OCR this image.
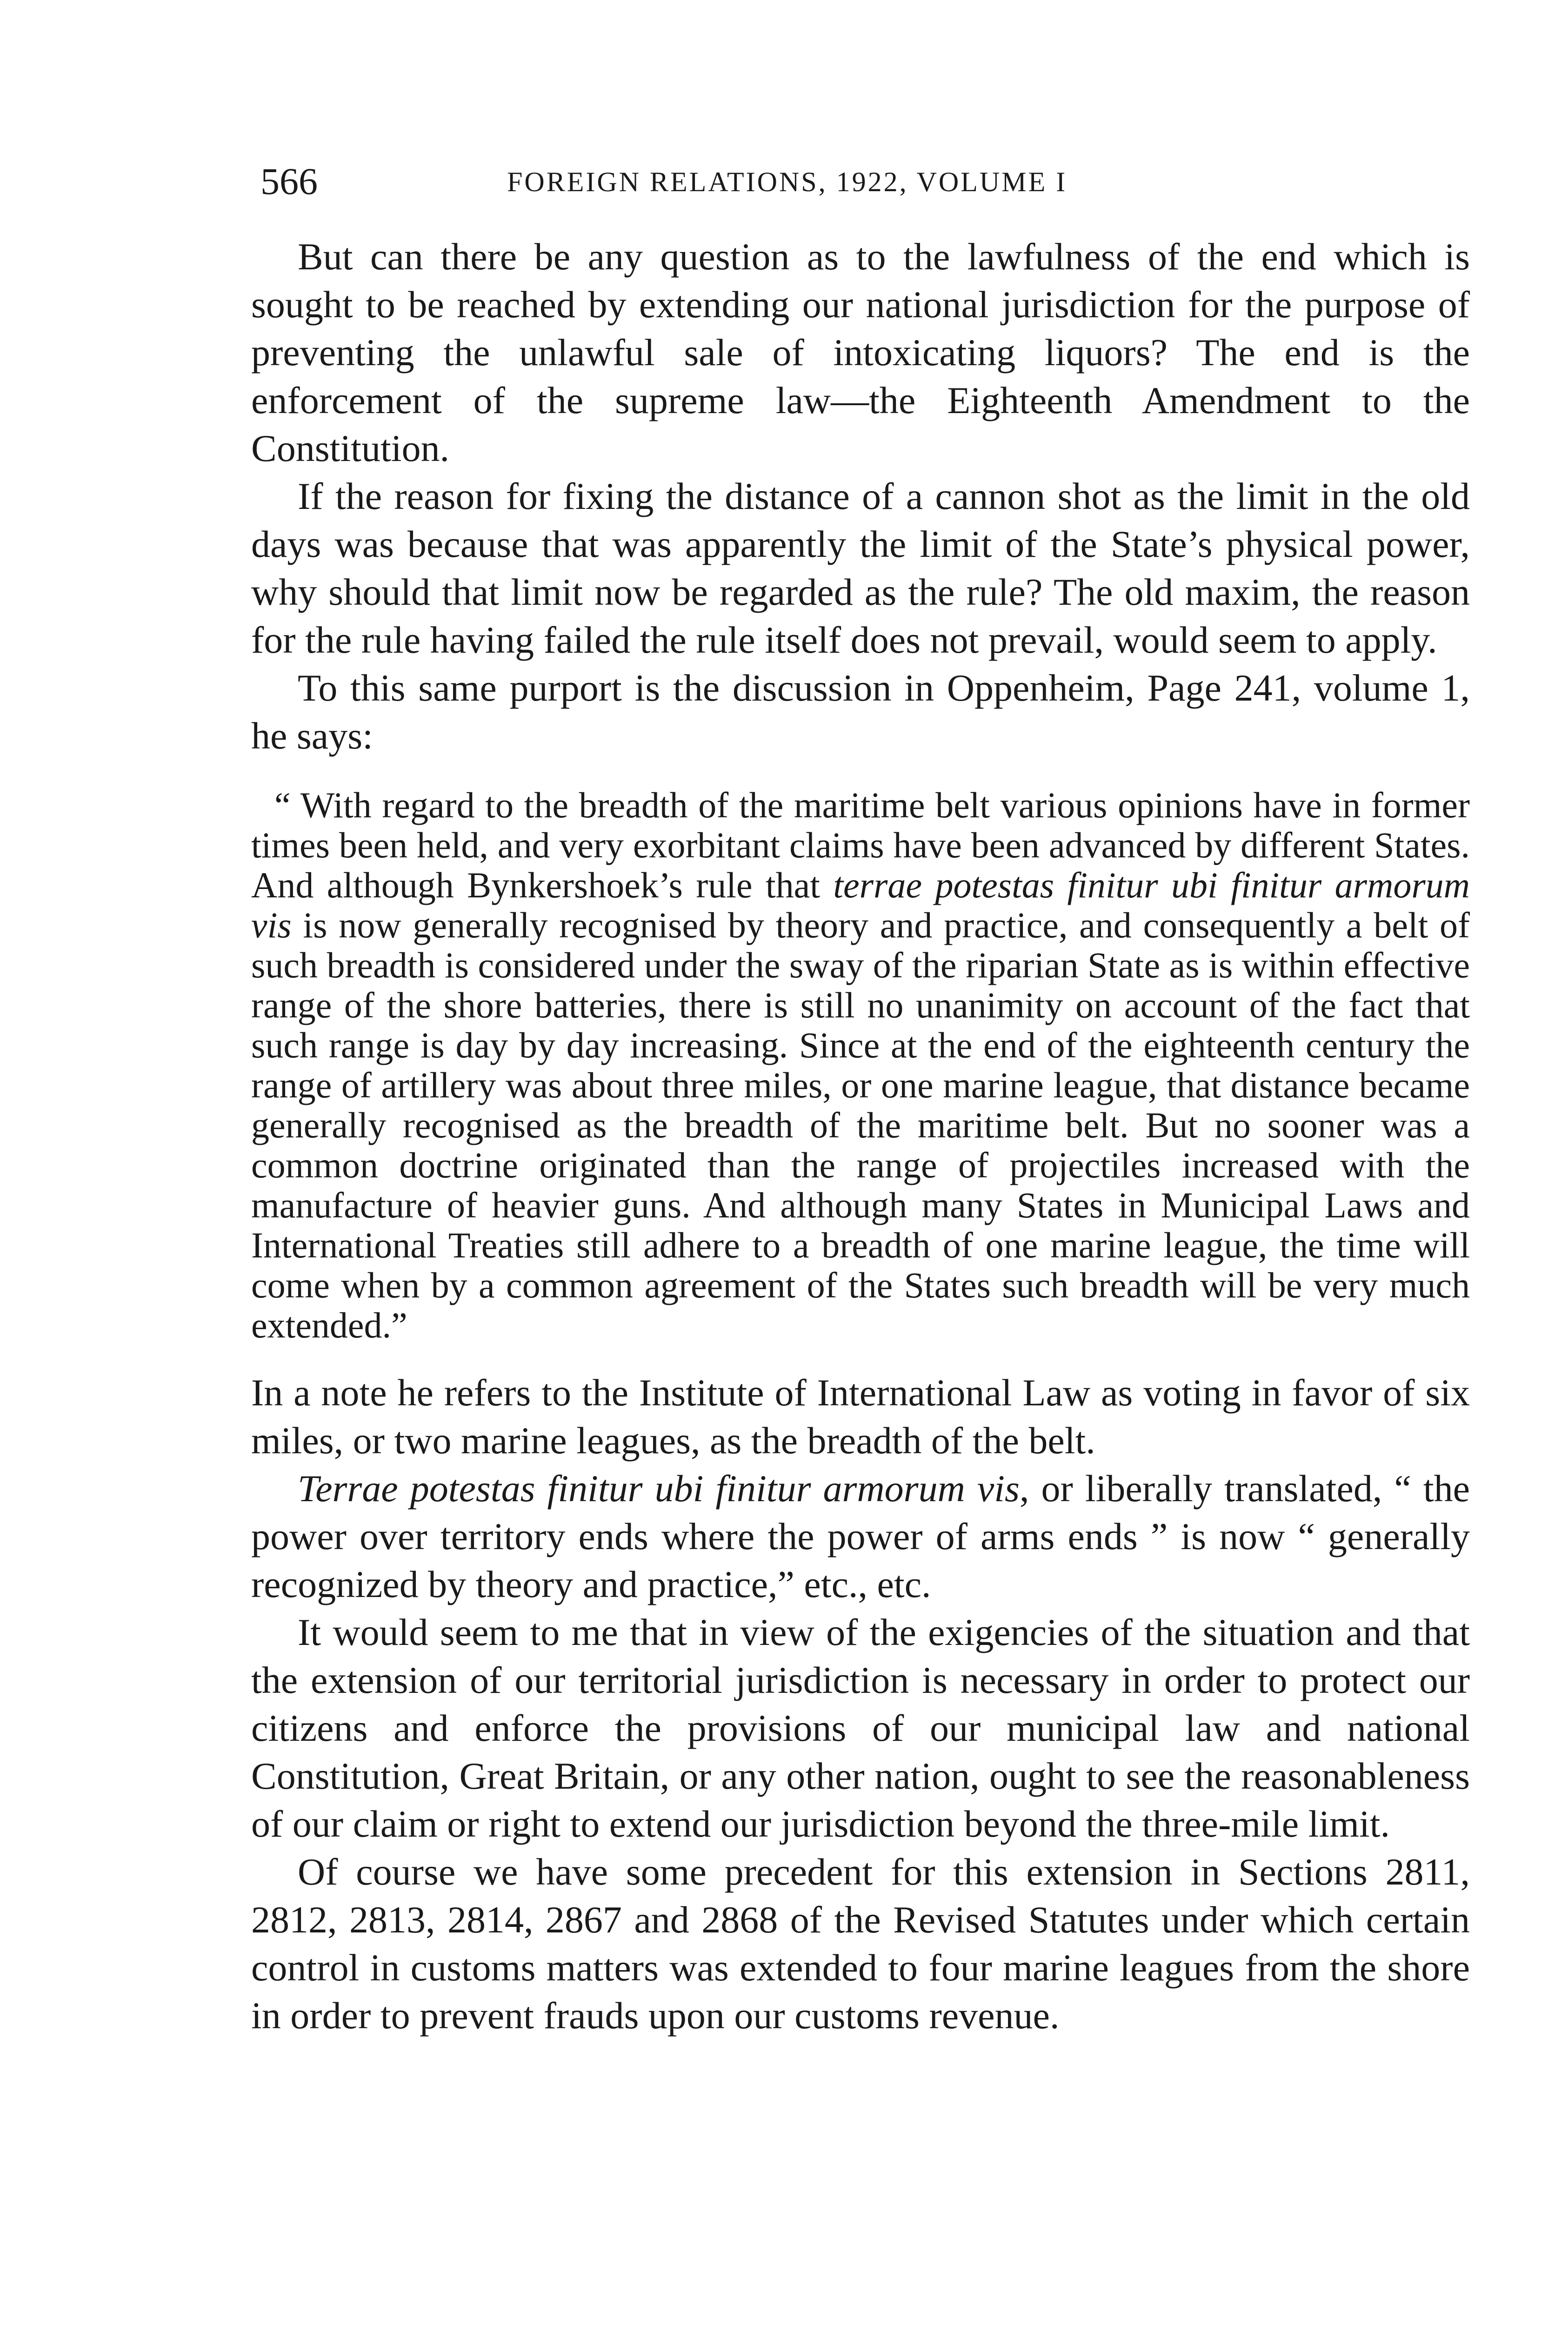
566	FOREIGN RELATIONS, 1922, VOLUME I

But can there be any question as to the lawfulness of the end which is sought to be reached by extending our national jurisdiction for the purpose of preventing the unlawful sale of intoxicating liquors? The end is the enforcement of the supreme law—the Eighteenth Amendment to the Constitution.

If the reason for fixing the distance of a cannon shot as the limit in the old days was because that was apparently the limit of the State’s physical power, why should that limit now be regarded as the rule? The old maxim, the reason for the rule having failed the rule itself does not prevail, would seem to apply.

To this same purport is the discussion in Oppenheim, Page 241, volume 1, he says:

“ With regard to the breadth of the maritime belt various opinions have in former times been held, and very exorbitant claims have been advanced by different States. And although Bynkershoek’s rule that terrae potestas finitur ubi finitur armorum vis is now generally recognised by theory and practice, and consequently a belt of such breadth is considered under the sway of the riparian State as is within effective range of the shore batteries, there is still no unanimity on account of the fact that such range is day by day increasing. Since at the end of the eighteenth century the range of artillery was about three miles, or one marine league, that distance became generally recognised as the breadth of the maritime belt. But no sooner was a common doctrine originated than the range of projectiles increased with the manufacture of heavier guns. And although many States in Municipal Laws and International Treaties still adhere to a breadth of one marine league, the time will come when by a common agreement of the States such breadth will be very much extended.”

In a note he refers to the Institute of International Law as voting in favor of six miles, or two marine leagues, as the breadth of the belt.

Terrae potestas finitur ubi finitur armorum vis, or liberally translated, “ the power over territory ends where the power of arms ends ” is now “ generally recognized by theory and practice,” etc., etc.

It would seem to me that in view of the exigencies of the situation and that the extension of our territorial jurisdiction is necessary in order to protect our citizens and enforce the provisions of our municipal law and national Constitution, Great Britain, or any other nation, ought to see the reasonableness of our claim or right to extend our jurisdiction beyond the three-mile limit.

Of course we have some precedent for this extension in Sections 2811, 2812, 2813, 2814, 2867 and 2868 of the Revised Statutes under which certain control in customs matters was extended to four marine leagues from the shore in order to prevent frauds upon our customs revenue.
